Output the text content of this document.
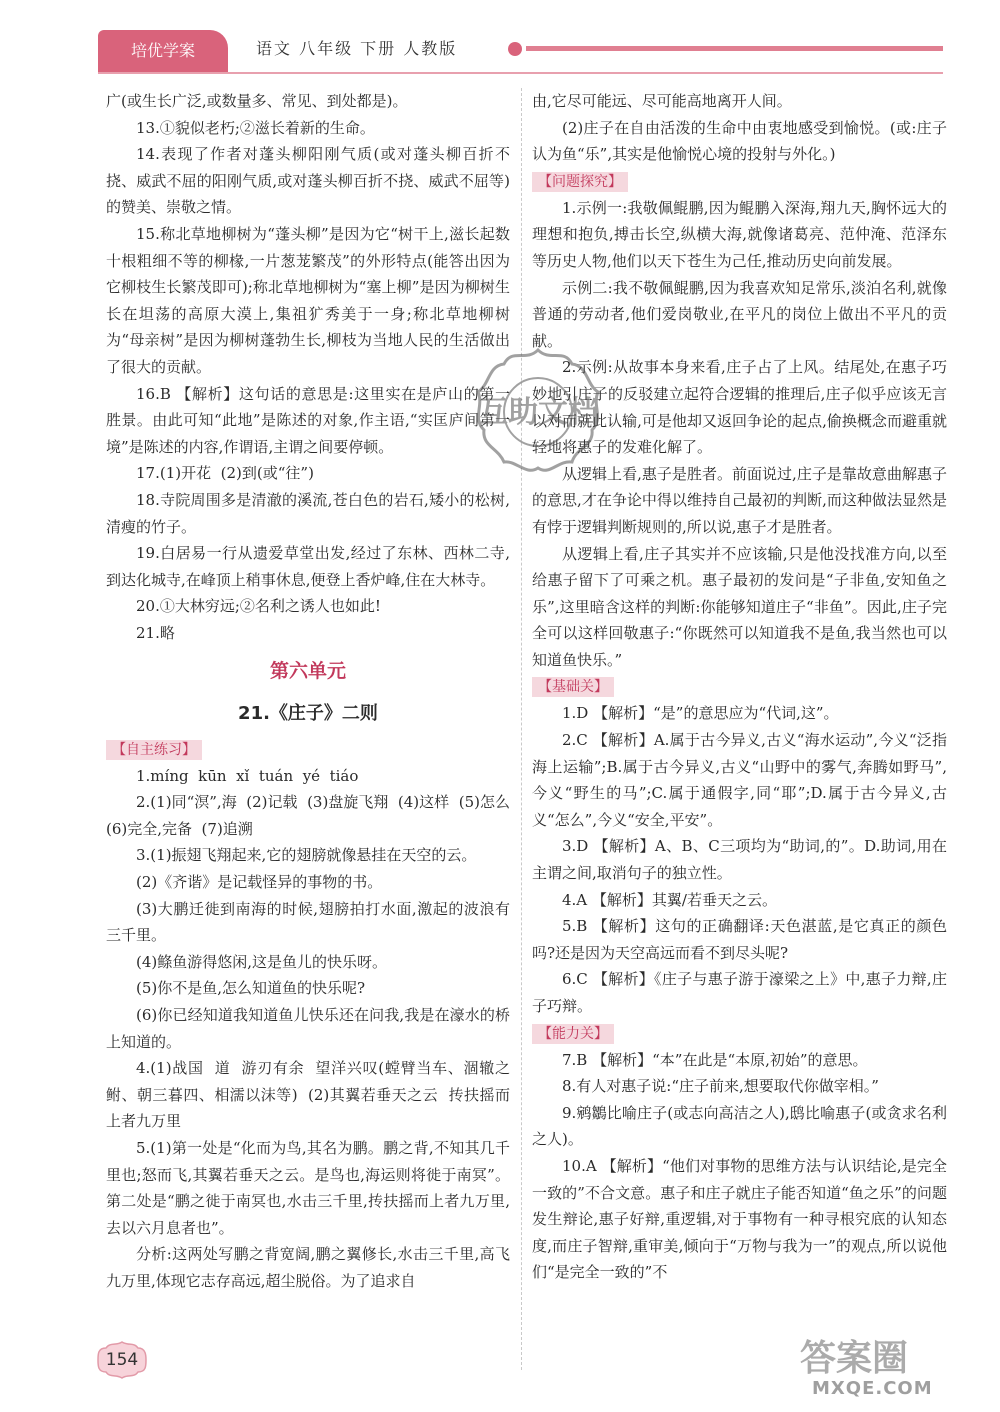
培优学案	语文 八年级 下册 人教版

广(或生长广泛,或数量多、常见、到处都是)。

13.①貌似老朽;②滋长着新的生命。

14.表现了作者对蓬头柳阳刚气质(或对蓬头柳百折不挠、威武不屈的阳刚气质,或对蓬头柳百折不挠、威武不屈等)的赞美、崇敬之情。

15.称北草地柳树为“蓬头柳”是因为它“树干上,滋长起数十根粗细不等的柳椽,一片葱茏繁茂”的外形特点(能答出因为它柳枝生长繁茂即可);称北草地柳树为“塞上柳”是因为柳树生长在坦荡的高原大漠上,集祖犷秀美于一身;称北草地柳树为“母亲树”是因为柳树蓬勃生长,柳枝为当地人民的生活做出了很大的贡献。

16.B 【解析】这句话的意思是:这里实在是庐山的第一胜景。由此可知“此地”是陈述的对象,作主语,“实匡庐间第一境”是陈述的内容,作谓语,主谓之间要停顿。

17.(1)开花  (2)到(或“往”)

18.寺院周围多是清澈的溪流,苍白色的岩石,矮小的松树,清瘦的竹子。

19.白居易一行从遗爱草堂出发,经过了东林、西林二寺,到达化城寺,在峰顶上稍事休息,便登上香炉峰,住在大林寺。

20.①大林穷远;②名利之诱人也如此!

21.略

第六单元
21.《庄子》二则
【自主练习】

1.míng  kūn  xǐ  tuán  yé  tiáo

2.(1)同“溟”,海  (2)记载  (3)盘旋飞翔  (4)这样  (5)怎么  (6)完全,完备  (7)追溯

3.(1)振翅飞翔起来,它的翅膀就像悬挂在天空的云。

(2)《齐谐》是记载怪异的事物的书。

(3)大鹏迁徙到南海的时候,翅膀拍打水面,激起的波浪有三千里。

(4)鲦鱼游得悠闲,这是鱼儿的快乐呀。

(5)你不是鱼,怎么知道鱼的快乐呢?

(6)你已经知道我知道鱼儿快乐还在问我,我是在濠水的桥上知道的。

4.(1)战国  道  游刃有余  望洋兴叹(螳臂当车、涸辙之鲋、朝三暮四、相濡以沫等)  (2)其翼若垂天之云  抟扶摇而上者九万里

5.(1)第一处是“化而为鸟,其名为鹏。鹏之背,不知其几千里也;怒而飞,其翼若垂天之云。是鸟也,海运则将徙于南冥”。第二处是“鹏之徙于南冥也,水击三千里,抟扶摇而上者九万里,去以六月息者也”。

分析:这两处写鹏之背宽阔,鹏之翼修长,水击三千里,高飞九万里,体现它志存高远,超尘脱俗。为了追求自

由,它尽可能远、尽可能高地离开人间。

(2)庄子在自由活泼的生命中由衷地感受到愉悦。(或:庄子认为鱼“乐”,其实是他愉悦心境的投射与外化。)

【问题探究】

1.示例一:我敬佩鲲鹏,因为鲲鹏入深海,翔九天,胸怀远大的理想和抱负,搏击长空,纵横大海,就像诸葛亮、范仲淹、范泽东等历史人物,他们以天下苍生为己任,推动历史向前发展。

示例二:我不敬佩鲲鹏,因为我喜欢知足常乐,淡泊名利,就像普通的劳动者,他们爱岗敬业,在平凡的岗位上做出不平凡的贡献。

2.示例:从故事本身来看,庄子占了上风。结尾处,在惠子巧妙地引庄子的反驳建立起符合逻辑的推理后,庄子似乎应该无言以对而就此认输,可是他却又返回争论的起点,偷换概念而避重就轻地将惠子的发难化解了。

从逻辑上看,惠子是胜者。前面说过,庄子是靠故意曲解惠子的意思,才在争论中得以维持自己最初的判断,而这种做法显然是有悖于逻辑判断规则的,所以说,惠子才是胜者。

从逻辑上看,庄子其实并不应该输,只是他没找准方向,以至给惠子留下了可乘之机。惠子最初的发问是“子非鱼,安知鱼之乐”,这里暗含这样的判断:你能够知道庄子“非鱼”。因此,庄子完全可以这样回敬惠子:“你既然可以知道我不是鱼,我当然也可以知道鱼快乐。”

【基础关】

1.D 【解析】“是”的意思应为“代词,这”。

2.C 【解析】A.属于古今异义,古义“海水运动”,今义“泛指海上运输”;B.属于古今异义,古义“山野中的雾气,奔腾如野马”,今义“野生的马”;C.属于通假字,同“耶”;D.属于古今异义,古义“怎么”,今义“安全,平安”。

3.D 【解析】A、B、C三项均为“助词,的”。D.助词,用在主谓之间,取消句子的独立性。

4.A 【解析】其翼/若垂天之云。

5.B 【解析】这句的正确翻译:天色湛蓝,是它真正的颜色吗?还是因为天空高远而看不到尽头呢?

6.C 【解析】《庄子与惠子游于濠梁之上》中,惠子力辩,庄子巧辩。

【能力关】

7.B 【解析】“本”在此是“本原,初始”的意思。

8.有人对惠子说:“庄子前来,想要取代你做宰相。”

9.鹓鶵比喻庄子(或志向高洁之人),鸱比喻惠子(或贪求名利之人)。

10.A 【解析】“他们对事物的思维方法与认识结论,是完全一致的”不合文意。惠子和庄子就庄子能否知道“鱼之乐”的问题发生辩论,惠子好辩,重逻辑,对于事物有一种寻根究底的认知态度,而庄子智辩,重审美,倾向于“万物与我为一”的观点,所以说他们“是完全一致的”不

互助文档
154	答案圈
MXQE.COM
